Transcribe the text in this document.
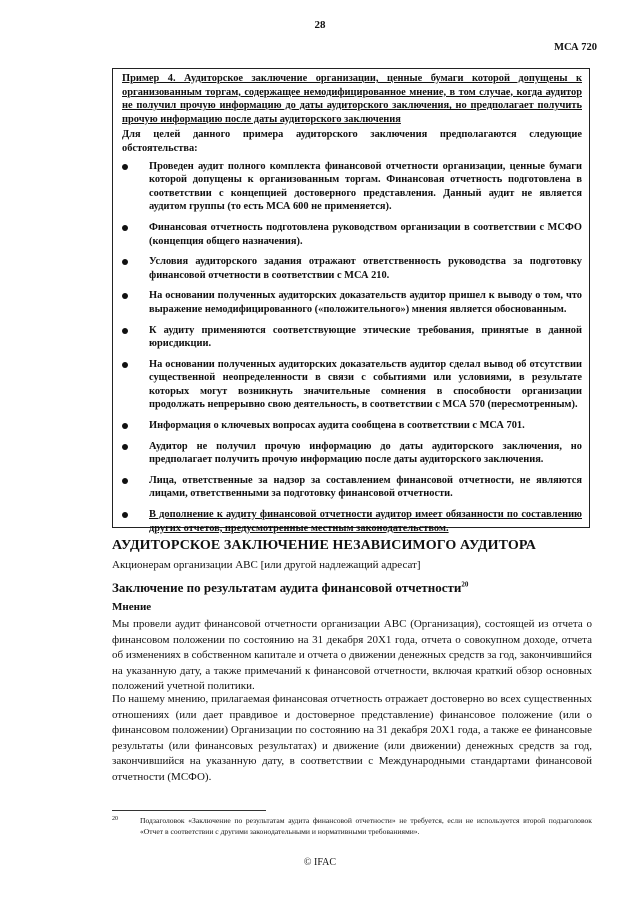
28
МСА 720

Пример 4. Аудиторское заключение организации, ценные бумаги которой допущены к организованным торгам, содержащее немодифицированное мнение, в том случае, когда аудитор не получил прочую информацию до даты аудиторского заключения, но предполагает получить прочую информацию после даты аудиторского заключения

Для целей данного примера аудиторского заключения предполагаются следующие обстоятельства:

Проведен аудит полного комплекта финансовой отчетности организации, ценные бумаги которой допущены к организованным торгам. Финансовая отчетность подготовлена в соответствии с концепцией достоверного представления. Данный аудит не является аудитом группы (то есть МСА 600 не применяется).
Финансовая отчетность подготовлена руководством организации в соответствии с МСФО (концепция общего назначения).
Условия аудиторского задания отражают ответственность руководства за подготовку финансовой отчетности в соответствии с МСА 210.
На основании полученных аудиторских доказательств аудитор пришел к выводу о том, что выражение немодифицированного («положительного») мнения является обоснованным.
К аудиту применяются соответствующие этические требования, принятые в данной юрисдикции.
На основании полученных аудиторских доказательств аудитор сделал вывод об отсутствии существенной неопределенности в связи с событиями или условиями, в результате которых могут возникнуть значительные сомнения в способности организации продолжать непрерывно свою деятельность, в соответствии с МСА 570 (пересмотренным).
Информация о ключевых вопросах аудита сообщена в соответствии с МСА 701.
Аудитор не получил прочую информацию до даты аудиторского заключения, но предполагает получить прочую информацию после даты аудиторского заключения.
Лица, ответственные за надзор за составлением финансовой отчетности, не являются лицами, ответственными за подготовку финансовой отчетности.
В дополнение к аудиту финансовой отчетности аудитор имеет обязанности по составлению других отчетов, предусмотренные местным законодательством.
АУДИТОРСКОЕ ЗАКЛЮЧЕНИЕ НЕЗАВИСИМОГО АУДИТОРА
Акционерам организации ABC [или другой надлежащий адресат]
Заключение по результатам аудита финансовой отчетности$^{20}$
Мнение

Мы провели аудит финансовой отчетности организации ABC (Организация), состоящей из отчета о финансовом положении по состоянию на 31 декабря 20X1 года, отчета о совокупном доходе, отчета об изменениях в собственном капитале и отчета о движении денежных средств за год, закончившийся на указанную дату, а также примечаний к финансовой отчетности, включая краткий обзор основных положений учетной политики.

По нашему мнению, прилагаемая финансовая отчетность отражает достоверно во всех существенных отношениях (или дает правдивое и достоверное представление) финансовое положение (или о финансовом положении) Организации по состоянию на 31 декабря 20X1 года, а также ее финансовые результаты (или финансовых результатах) и движение (или движении) денежных средств за год, закончившийся на указанную дату, в соответствии с Международными стандартами финансовой отчетности (МСФО).

20	Подзаголовок «Заключение по результатам аудита финансовой отчетности» не требуется, если не используется второй подзаголовок «Отчет в соответствии с другими законодательными и нормативными требованиями».
© IFAC
